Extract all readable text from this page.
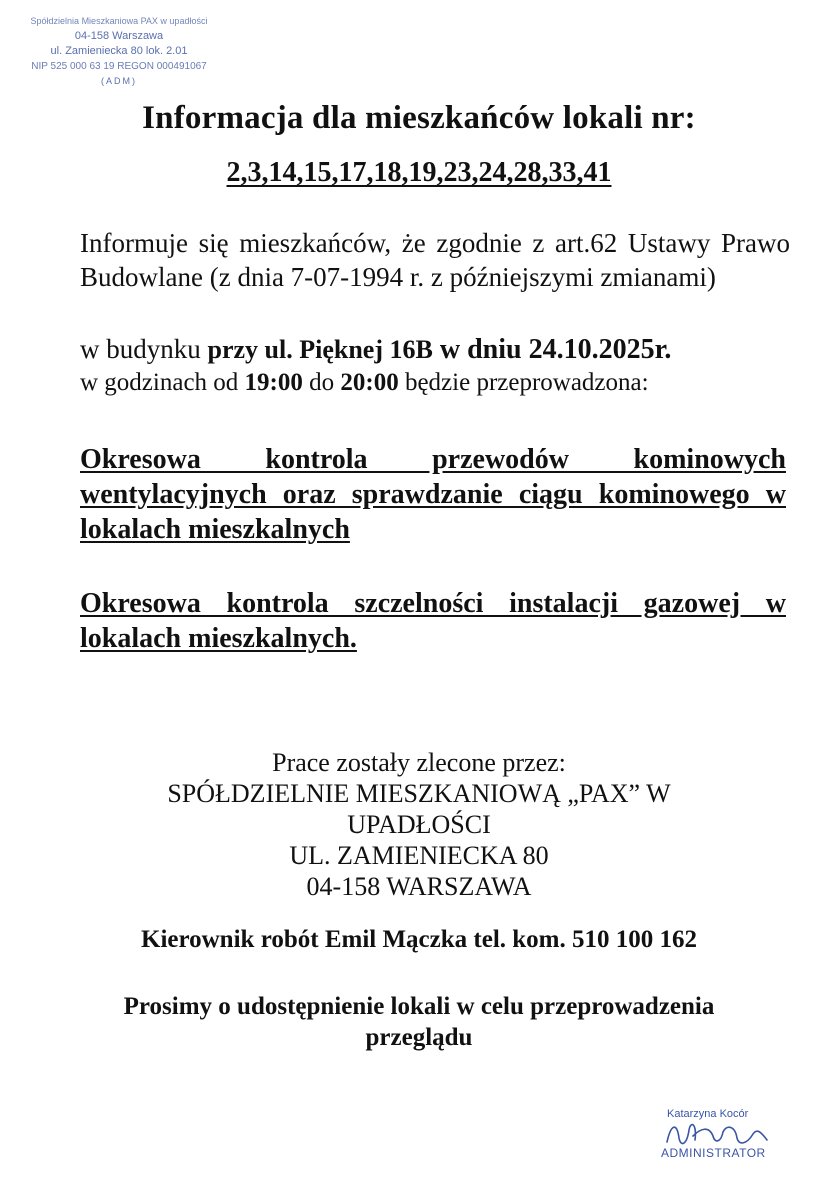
Spółdzielnia Mieszkaniowa PAX w upadłości
04-158 Warszawa
ul. Zamieniecka 80 lok. 2.01
NIP 525 000 63 19 REGON 000491067
(ADM)
Informacja dla mieszkańców lokali nr:
2,3,14,15,17,18,19,23,24,28,33,41
Informuje się mieszkańców, że zgodnie z art.62 Ustawy Prawo Budowlane (z dnia 7-07-1994 r. z późniejszymi zmianami)
w budynku przy ul. Pięknej 16B w dniu 24.10.2025r.
w godzinach od 19:00 do 20:00 będzie przeprowadzona:
Okresowa kontrola przewodów kominowych wentylacyjnych oraz sprawdzanie ciągu kominowego w lokalach mieszkalnych
Okresowa kontrola szczelności instalacji gazowej w lokalach mieszkalnych.
Prace zostały zlecone przez:
SPÓŁDZIELNIE MIESZKANIOWĄ „PAX” W
UPADŁOŚCI
UL. ZAMIENIECKA 80
04-158 WARSZAWA
Kierownik robót Emil Mączka tel. kom. 510 100 162
Prosimy o udostępnienie lokali w celu przeprowadzenia
przeglądu
Katarzyna Kocór
ADMINISTRATOR
